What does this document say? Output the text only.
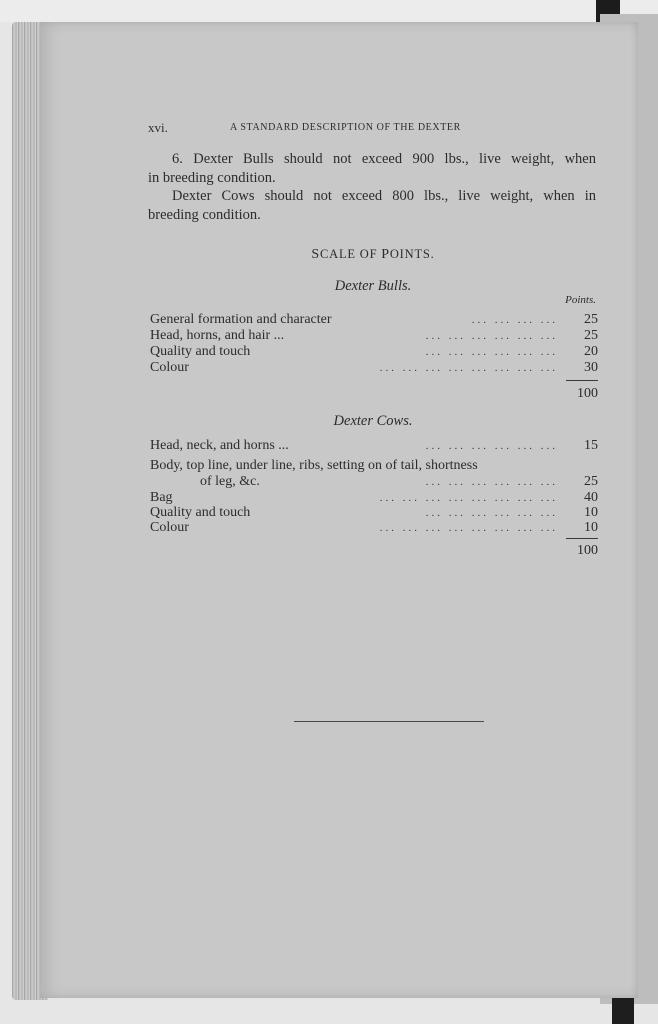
xvi.	A STANDARD DESCRIPTION OF THE DEXTER
6. Dexter Bulls should not exceed 900 lbs., live weight, when
in breeding condition.
Dexter Cows should not exceed 800 lbs., live weight, when in
breeding condition.
SCALE OF POINTS.
Dexter Bulls.
Points.
General formation and character	... ... ... ...	25
Head, horns, and hair ...	... ... ... ... ... ...	25
Quality and touch	... ... ... ... ... ...	20
Colour	... ... ... ... ... ... ... ...	30
100
Dexter Cows.
Head, neck, and horns ...	... ... ... ... ... ...	15
Body, top line, under line, ribs, setting on of tail, shortness
of leg, &c.	... ... ... ... ... ...	25
Bag	... ... ... ... ... ... ... ...	40
Quality and touch	... ... ... ... ... ...	10
Colour	... ... ... ... ... ... ... ...	10
100
